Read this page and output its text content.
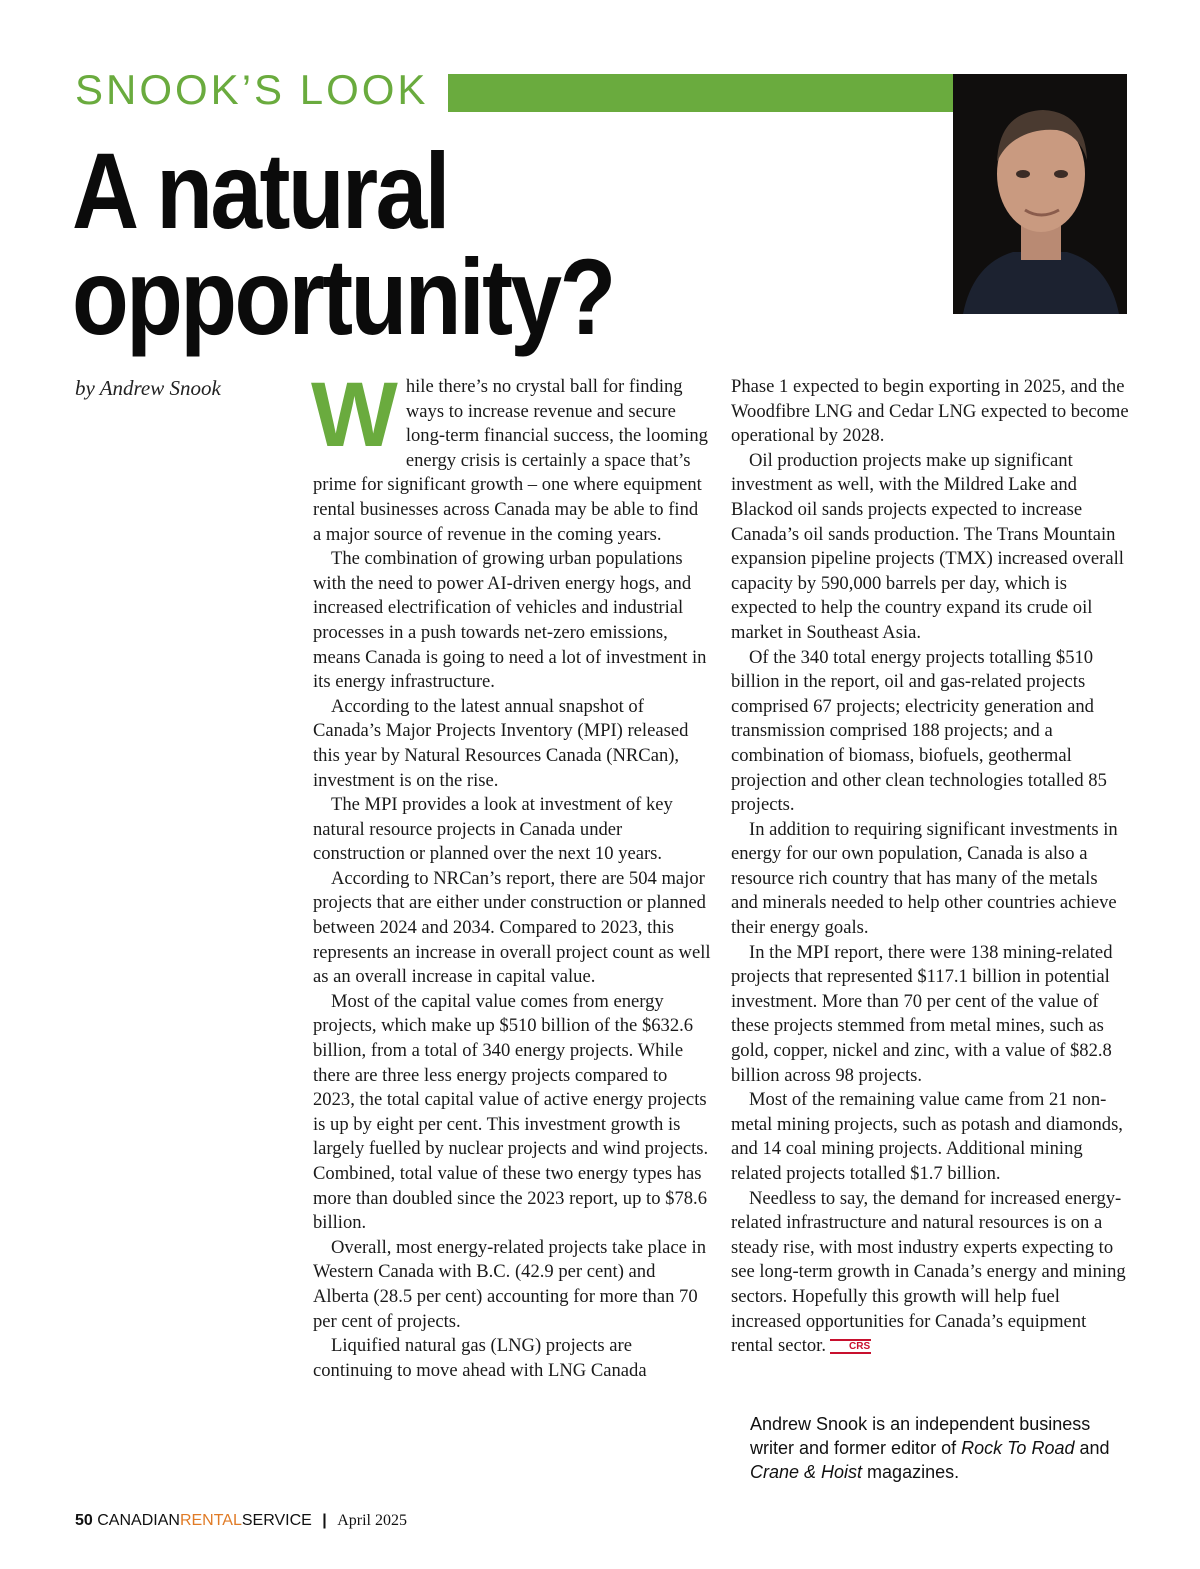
SNOOK’S LOOK
A natural opportunity?
by Andrew Snook While there’s no crystal ball for finding ways to increase revenue and secure long-term financial success, the looming energy crisis is certainly a space that’s prime for significant growth – one where equipment rental businesses across Canada may be able to find a major source of revenue in the coming years.

The combination of growing urban populations with the need to power AI-driven energy hogs, and increased electrification of vehicles and industrial processes in a push towards net-zero emissions, means Canada is going to need a lot of investment in its energy infrastructure.

According to the latest annual snapshot of Canada’s Major Projects Inventory (MPI) released this year by Natural Resources Canada (NRCan), investment is on the rise.

The MPI provides a look at investment of key natural resource projects in Canada under construction or planned over the next 10 years.

According to NRCan’s report, there are 504 major projects that are either under construction or planned between 2024 and 2034. Compared to 2023, this represents an increase in overall project count as well as an overall increase in capital value.

Most of the capital value comes from energy projects, which make up $510 billion of the $632.6 billion, from a total of 340 energy projects. While there are three less energy projects compared to 2023, the total capital value of active energy projects is up by eight per cent. This investment growth is largely fuelled by nuclear projects and wind projects. Combined, total value of these two energy types has more than doubled since the 2023 report, up to $78.6 billion.

Overall, most energy-related projects take place in Western Canada with B.C. (42.9 per cent) and Alberta (28.5 per cent) accounting for more than 70 per cent of projects.

Liquified natural gas (LNG) projects are continuing to move ahead with LNG Canada

Phase 1 expected to begin exporting in 2025, and the Woodfibre LNG and Cedar LNG expected to become operational by 2028.

Oil production projects make up significant investment as well, with the Mildred Lake and Blackod oil sands projects expected to increase Canada’s oil sands production. The Trans Mountain expansion pipeline projects (TMX) increased overall capacity by 590,000 barrels per day, which is expected to help the country expand its crude oil market in Southeast Asia.

Of the 340 total energy projects totalling $510 billion in the report, oil and gas-related projects comprised 67 projects; electricity generation and transmission comprised 188 projects; and a combination of biomass, biofuels, geothermal projection and other clean technologies totalled 85 projects.

In addition to requiring significant investments in energy for our own population, Canada is also a resource rich country that has many of the metals and minerals needed to help other countries achieve their energy goals.

In the MPI report, there were 138 mining-related projects that represented $117.1 billion in potential investment. More than 70 per cent of the value of these projects stemmed from metal mines, such as gold, copper, nickel and zinc, with a value of $82.8 billion across 98 projects.

Most of the remaining value came from 21 non-metal mining projects, such as potash and diamonds, and 14 coal mining projects. Additional mining related projects totalled $1.7 billion.

Needless to say, the demand for increased energy-related infrastructure and natural resources is on a steady rise, with most industry experts expecting to see long-term growth in Canada’s energy and mining sectors. Hopefully this growth will help fuel increased opportunities for Canada’s equipment rental sector. CRS

Andrew Snook is an independent business writer and former editor of Rock To Road and Crane & Hoist magazines.

50 CANADIANRENTALSERVICE | April 2025
